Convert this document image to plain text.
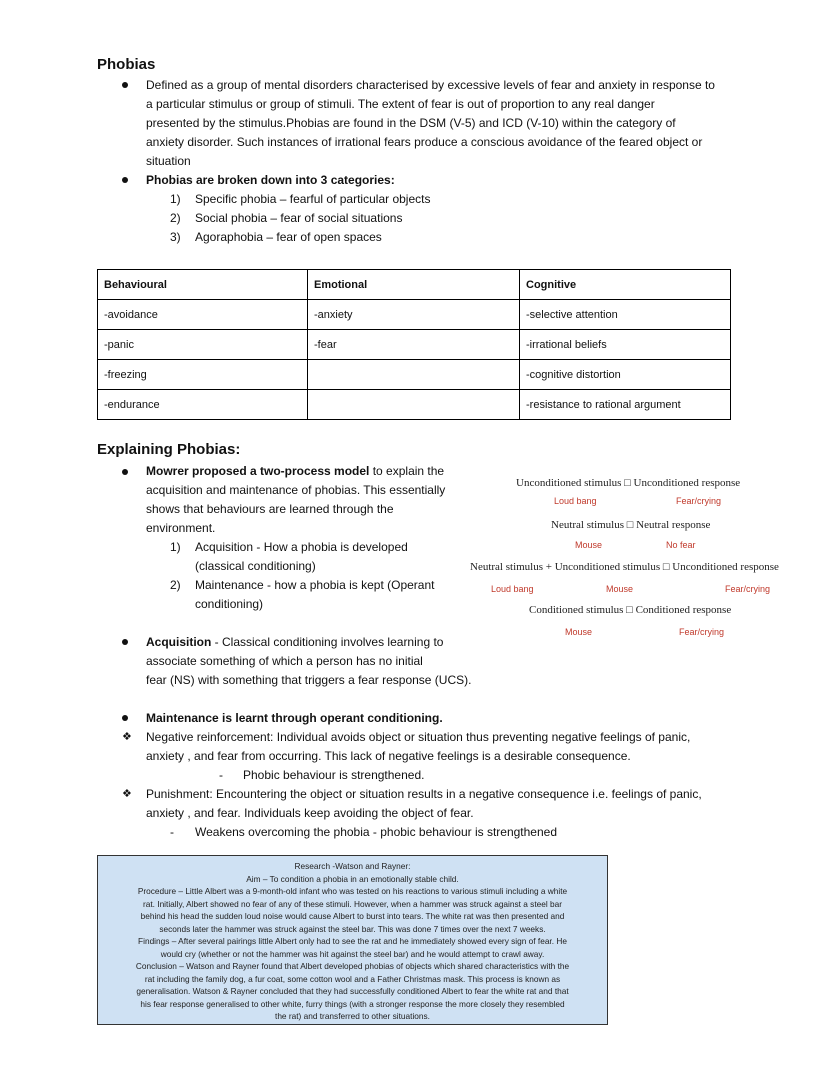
Phobias
Defined as a group of mental disorders characterised by excessive levels of fear and anxiety in response to
a particular stimulus or group of stimuli. The extent of fear is out of proportion to any real danger
presented by the stimulus.Phobias are found in the DSM (V-5) and ICD (V-10) within the category of
anxiety disorder. Such instances of irrational fears produce a conscious avoidance of the feared object or
situation
Phobias are broken down into 3 categories:
1) Specific phobia – fearful of particular objects
2) Social phobia – fear of social situations
3) Agoraphobia – fear of open spaces
Behavioural	Emotional	Cognitive
-avoidance	-anxiety	-selective attention
-panic	-fear	-irrational beliefs
-freezing		-cognitive distortion
-endurance		-resistance to rational argument
Explaining Phobias:
Mowrer proposed a two-process model to explain the
acquisition and maintenance of phobias. This essentially
shows that behaviours are learned through the
environment.
1) Acquisition - How a phobia is developed
(classical conditioning)
2) Maintenance - how a phobia is kept (Operant
conditioning)
Acquisition - Classical conditioning involves learning to
associate something of which a person has no initial
fear (NS) with something that triggers a fear response (UCS).
Unconditioned stimulus □ Unconditioned response
Loud bang	Fear/crying
Neutral stimulus □ Neutral response
Mouse	No fear
Neutral stimulus + Unconditioned stimulus □ Unconditioned response
Loud bang	Mouse	Fear/crying
Conditioned stimulus □ Conditioned response
Mouse	Fear/crying
Maintenance is learnt through operant conditioning.
❖ Negative reinforcement: Individual avoids object or situation thus preventing negative feelings of panic,
anxiety , and fear from occurring. This lack of negative feelings is a desirable consequence.
- Phobic behaviour is strengthened.
❖ Punishment: Encountering the object or situation results in a negative consequence i.e. feelings of panic,
anxiety , and fear. Individuals keep avoiding the object of fear.
- Weakens overcoming the phobia - phobic behaviour is strengthened
Research -Watson and Rayner:
Aim – To condition a phobia in an emotionally stable child.
Procedure – Little Albert was a 9-month-old infant who was tested on his reactions to various stimuli including a white
rat. Initially, Albert showed no fear of any of these stimuli. However, when a hammer was struck against a steel bar
behind his head the sudden loud noise would cause Albert to burst into tears. The white rat was then presented and
seconds later the hammer was struck against the steel bar. This was done 7 times over the next 7 weeks.
Findings – After several pairings little Albert only had to see the rat and he immediately showed every sign of fear. He
would cry (whether or not the hammer was hit against the steel bar) and he would attempt to crawl away.
Conclusion – Watson and Rayner found that Albert developed phobias of objects which shared characteristics with the
rat including the family dog, a fur coat, some cotton wool and a Father Christmas mask. This process is known as
generalisation. Watson & Rayner concluded that they had successfully conditioned Albert to fear the white rat and that
his fear response generalised to other white, furry things (with a stronger response the more closely they resembled
the rat) and transferred to other situations.
